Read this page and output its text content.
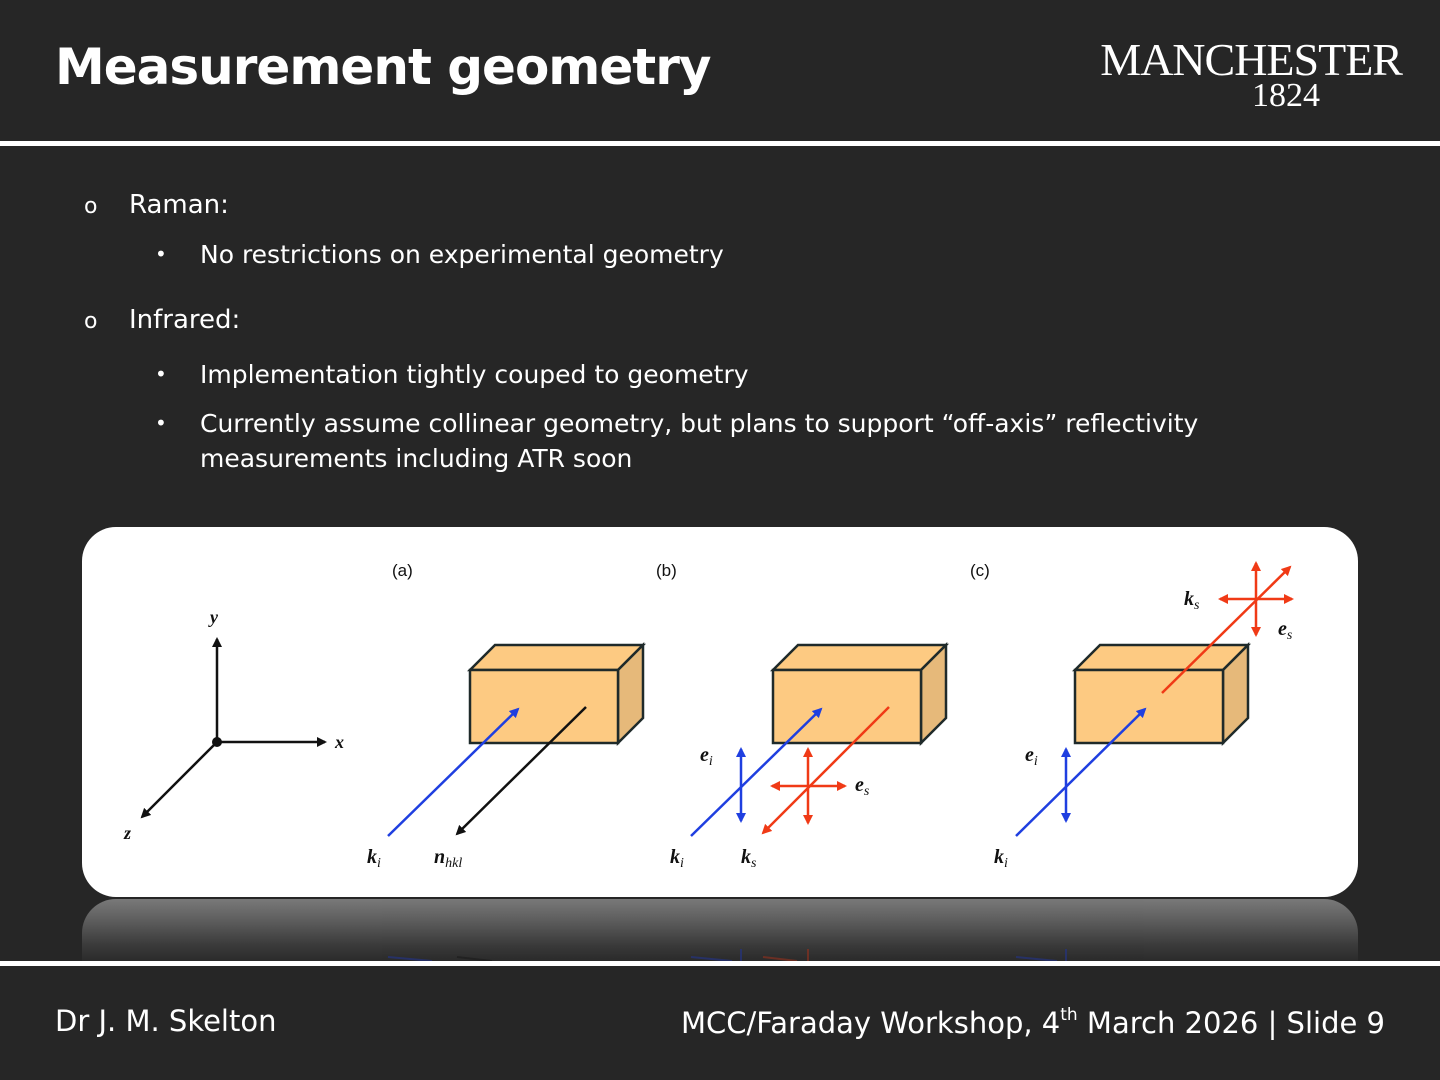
Measurement geometry	MANCHESTER
1824
o Raman:
• No restrictions on experimental geometry
o Infrared:
• Implementation tightly couped to geometry
• Currently assume collinear geometry, but plans to support “off-axis” reflectivity
measurements including ATR soon
(a)	(b)	(c)
y
x
z
ki	nhkl
ei
es
ki	ks
ks
es
ei
ki
Dr J. M. Skelton	MCC/Faraday Workshop, 4th March 2026 | Slide 9
